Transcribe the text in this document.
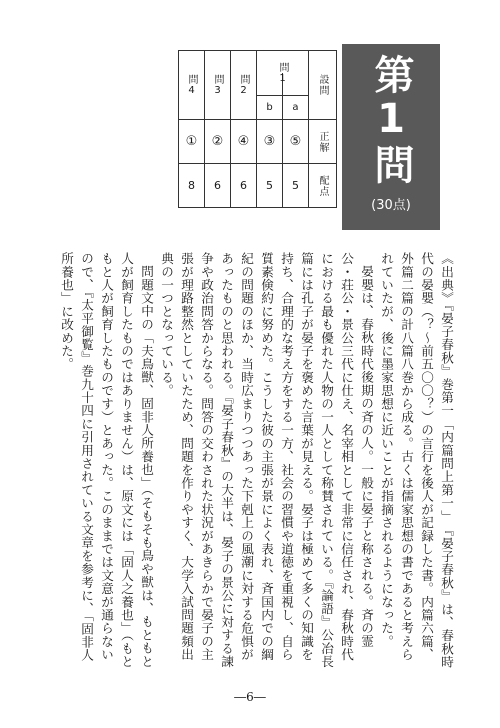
第1問
(30点)
設問
正解
配点
問1
a
b
問2
問3
問4
⑤
③
④
②
①
5
5
6
6
8

《出典》『晏子春秋』巻第一「内篇問上第一」　『晏子春秋』は、春秋時代の晏嬰（？～前五〇〇？）の言行を後人が記録した書。内篇六篇、外篇二篇の計八篇八巻から成る。古くは儒家思想の書であると考えられていたが、後に墨家思想に近いことが指摘されるようになった。

晏嬰は、春秋時代後期の斉の人。一般に晏子と称される。斉の霊公・荘公・景公三代に仕え、名宰相として非常に信任され、春秋時代における最も優れた人物の一人として称賛されている。『論語』公冶長篇には孔子が晏子を褒めた言葉が見える。晏子は極めて多くの知識を持ち、合理的な考え方をする一方、社会の習慣や道徳を重視し、自ら質素倹約に努めた。こうした彼の主張が景によく表れ、斉国内での綱紀の問題のほか、当時広まりつつあった下剋上の風潮に対する危惧があったものと思われる。『晏子春秋』の大半は、晏子の景公に対する諫争や政治問答からなる。問答の交わされた状況があきらかで晏子の主張が理路整然としていたため、問題を作りやすく、大学入試問題頻出典の一つとなっている。

問題文中の「夫鳥獣、固非人所養也」（そもそも鳥や獣は、もともと人が飼育したものではありません）は、原文には「固人之養也」（もともと人が飼育したものです）とあった。このままでは文意が通らないので、『太平御覧』巻九十四に引用されている文章を参考に、「固非人所養也」に改めた。

―6―
